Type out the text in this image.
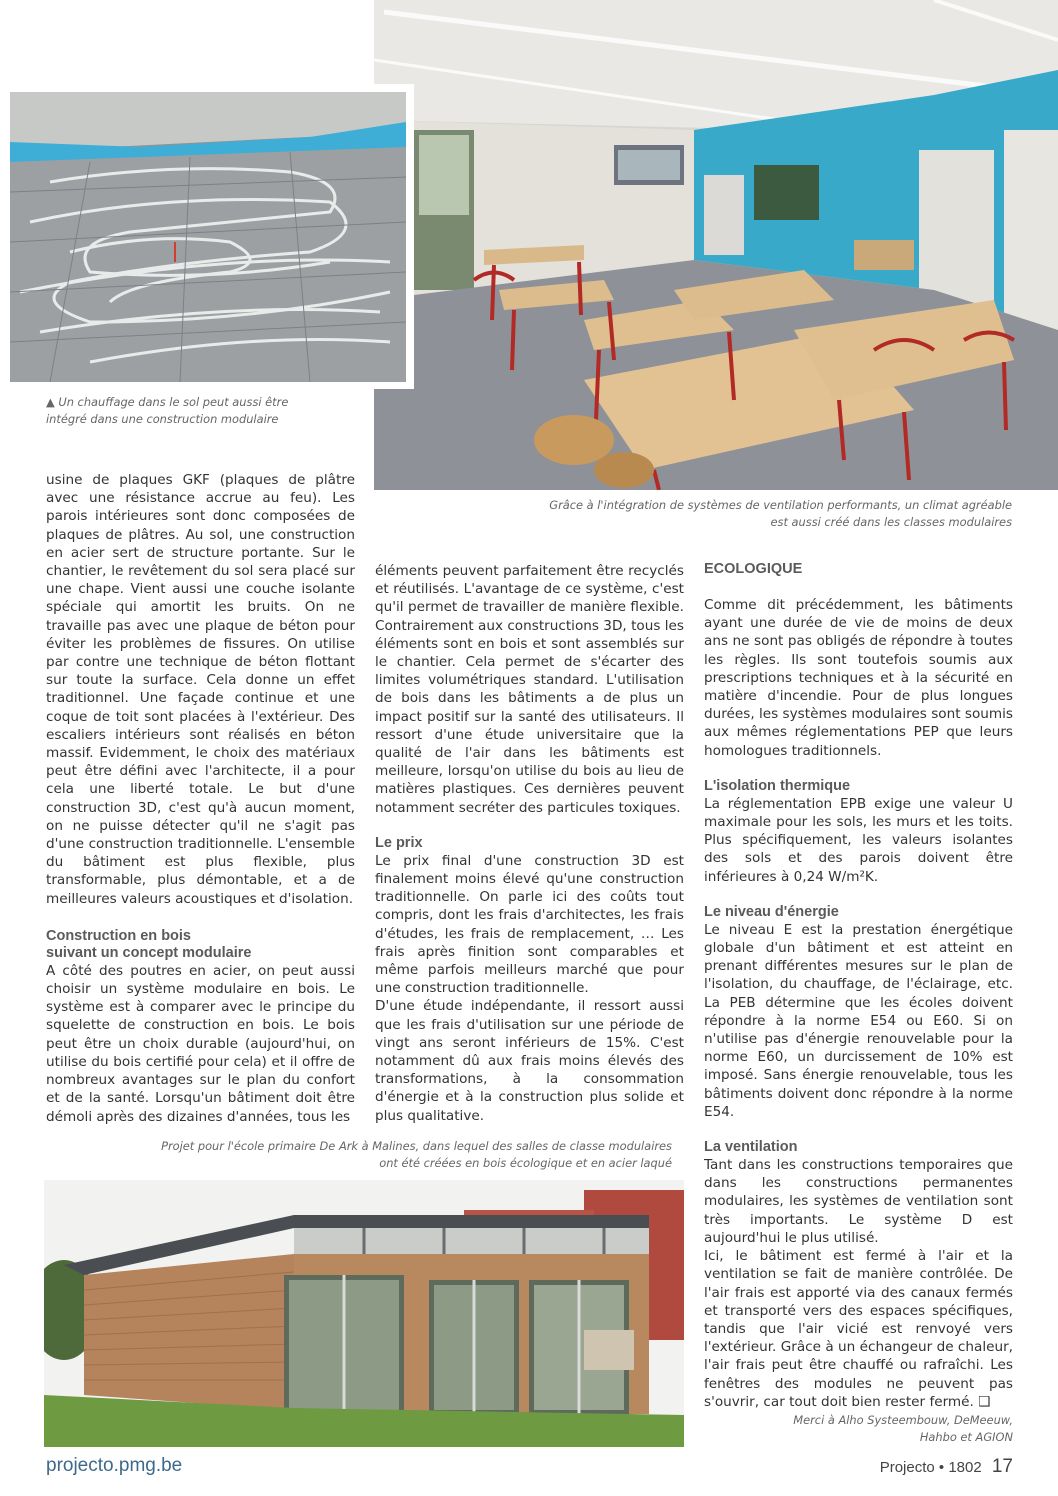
▲ Un chauffage dans le sol peut aussi être
intégré dans une construction modulaire
Grâce à l'intégration de systèmes de ventilation performants, un climat agréable
est aussi créé dans les classes modulaires

usine de plaques GKF (plaques de plâtre avec une résistance accrue au feu). Les parois intérieures sont donc composées de plaques de plâtres. Au sol, une construction en acier sert de structure portante. Sur le chantier, le revêtement du sol sera placé sur une chape. Vient aussi une couche isolante spéciale qui amortit les bruits. On ne travaille pas avec une plaque de béton pour éviter les problèmes de fissures. On utilise par contre une technique de béton flottant sur toute la surface. Cela donne un effet traditionnel. Une façade continue et une coque de toit sont placées à l'extérieur. Des escaliers intérieurs sont réalisés en béton massif. Evidemment, le choix des matériaux peut être défini avec l'architecte, il a pour cela une liberté totale. Le but d'une construction 3D, c'est qu'à aucun moment, on ne puisse détecter qu'il ne s'agit pas d'une construction traditionnelle. L'ensemble du bâtiment est plus flexible, plus transformable, plus démontable, et a de meilleures valeurs acoustiques et d'isolation.

Construction en bois
suivant un concept modulaire

A côté des poutres en acier, on peut aussi choisir un système modulaire en bois. Le système est à comparer avec le principe du squelette de construction en bois. Le bois peut être un choix durable (aujourd'hui, on utilise du bois certifié pour cela) et il offre de nombreux avantages sur le plan du confort et de la santé. Lorsqu'un bâtiment doit être démoli après des dizaines d'années, tous les

éléments peuvent parfaitement être recyclés et réutilisés. L'avantage de ce système, c'est qu'il permet de travailler de manière flexible. Contrairement aux constructions 3D, tous les éléments sont en bois et sont assemblés sur le chantier. Cela permet de s'écarter des limites volumétriques standard. L'utilisation de bois dans les bâtiments a de plus un impact positif sur la santé des utilisateurs. Il ressort d'une étude universitaire que la qualité de l'air dans les bâtiments est meilleure, lorsqu'on utilise du bois au lieu de matières plastiques. Ces dernières peuvent notamment secréter des particules toxiques.

Le prix

Le prix final d'une construction 3D est finalement moins élevé qu'une construction traditionnelle. On parle ici des coûts tout compris, dont les frais d'architectes, les frais d'études, les frais de remplacement, … Les frais après finition sont comparables et même parfois meilleurs marché que pour une construction traditionnelle.

D'une étude indépendante, il ressort aussi que les frais d'utilisation sur une période de vingt ans seront inférieurs de 15%. C'est notamment dû aux frais moins élevés des transformations, à la consommation d'énergie et à la construction plus solide et plus qualitative.

ECOLOGIQUE

Comme dit précédemment, les bâtiments ayant une durée de vie de moins de deux ans ne sont pas obligés de répondre à toutes les règles. Ils sont toutefois soumis aux prescriptions techniques et à la sécurité en matière d'incendie. Pour de plus longues durées, les systèmes modulaires sont soumis aux mêmes réglementations PEP que leurs homologues traditionnels.

L'isolation thermique

La réglementation EPB exige une valeur U maximale pour les sols, les murs et les toits. Plus spécifiquement, les valeurs isolantes des sols et des parois doivent être inférieures à 0,24 W/m²K.

Le niveau d'énergie

Le niveau E est la prestation énergétique globale d'un bâtiment et est atteint en prenant différentes mesures sur le plan de l'isolation, du chauffage, de l'éclairage, etc. La PEB détermine que les écoles doivent répondre à la norme E54 ou E60. Si on n'utilise pas d'énergie renouvelable pour la norme E60, un durcissement de 10% est imposé. Sans énergie renouvelable, tous les bâtiments doivent donc répondre à la norme E54.

La ventilation

Tant dans les constructions temporaires que dans les constructions permanentes modulaires, les systèmes de ventilation sont très importants. Le système D est aujourd'hui le plus utilisé.

Ici, le bâtiment est fermé à l'air et la ventilation se fait de manière contrôlée. De l'air frais est apporté via des canaux fermés et transporté vers des espaces spécifiques, tandis que l'air vicié est renvoyé vers l'extérieur. Grâce à un échangeur de chaleur, l'air frais peut être chauffé ou rafraîchi. Les fenêtres des modules ne peuvent pas s'ouvrir, car tout doit bien rester fermé. ❑

Merci à Alho Systeembouw, DeMeeuw,
Hahbo et AGION
Projet pour l'école primaire De Ark à Malines, dans lequel des salles de classe modulaires
ont été créées en bois écologique et en acier laqué
projecto.pmg.be	Projecto • 1802 17
